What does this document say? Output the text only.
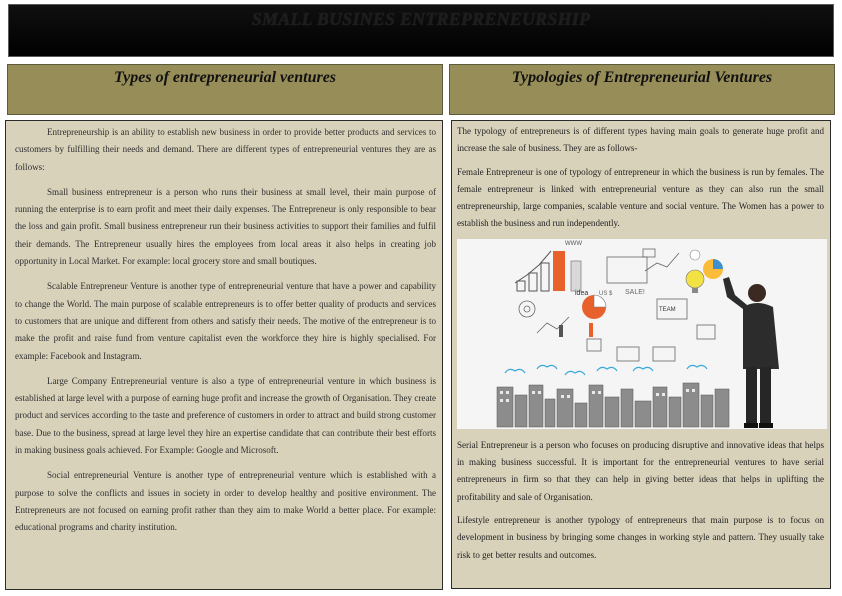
SMALL BUSINES ENTREPRENEURSHIP
Types of entrepreneurial ventures	Typologies of Entrepreneurial Ventures

Entrepreneurship is an ability to establish new business in order to provide better products and services to customers by fulfilling their needs and demand. There are different types of entrepreneurial ventures they are as follows:

Small business entrepreneur is a person who runs their business at small level, their main purpose of running the enterprise is to earn profit and meet their daily expenses. The Entrepreneur is only responsible to bear the loss and gain profit. Small business entrepreneur run their business activities to support their families and fulfil their demands. The Entrepreneur usually hires the employees from local areas it also helps in creating job opportunity in Local Market. For example: local grocery store and small boutiques.

Scalable Entrepreneur Venture is another type of entrepreneurial venture that have a power and capability to change the World. The main purpose of scalable entrepreneurs is to offer better quality of products and services to customers that are unique and different from others and satisfy their needs. The motive of the entrepreneur is to make the profit and raise fund from venture capitalist even the workforce they hire is highly specialised. For example: Facebook and Instagram.

Large Company Entrepreneurial venture is also a type of entrepreneurial venture in which business is established at large level with a purpose of earning huge profit and increase the growth of Organisation. They create product and services according to the taste and preference of customers in order to attract and build strong customer base. Due to the business, spread at large level they hire an expertise candidate that can contribute their best efforts in making business goals achieved. For Example: Google and Microsoft.

Social entrepreneurial Venture is another type of entrepreneurial venture which is established with a purpose to solve the conflicts and issues in society in order to develop healthy and positive environment. The Entrepreneurs are not focused on earning profit rather than they aim to make World a better place. For example: educational programs and charity institution.

The typology of entrepreneurs is of different types having main goals to generate huge profit and increase the sale of business. They are as follows-

Female Entrepreneur is one of typology of entrepreneur in which the business is run by females. The female entrepreneur is linked with entrepreneurial venture as they can also run the small entrepreneurship, large companies, scalable venture and social venture. The Women has a power to establish the business and run independently.

idea US $ SALE!
TEAM
WWW

Serial Entrepreneur is a person who focuses on producing disruptive and innovative ideas that helps in making business successful. It is important for the entrepreneurial ventures to have serial entrepreneurs in firm so that they can help in giving better ideas that helps in uplifting the profitability and sale of Organisation.

Lifestyle entrepreneur is another typology of entrepreneurs that main purpose is to focus on development in business by bringing some changes in working style and pattern. They usually take risk to get better results and outcomes.
